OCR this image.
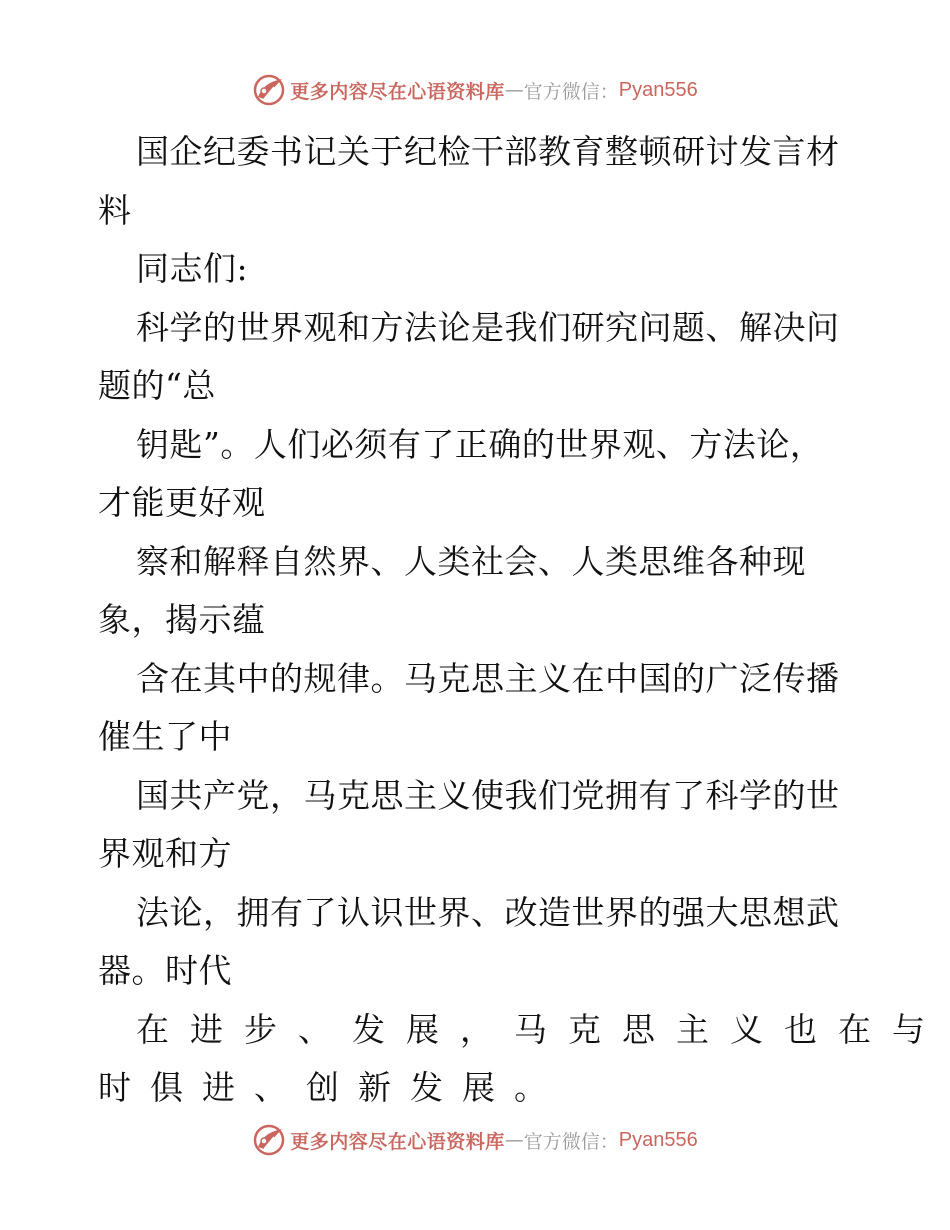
更多内容尽在心语资料库 — 官方微信： Pyan556
国企纪委书记关于纪检干部教育整顿研讨发言材
料
同志们:
科学的世界观和方法论是我们研究问题、解决问
题的“总
钥匙”。人们必须有了正确的世界观、方法论，
才能更好观
察和解释自然界、人类社会、人类思维各种现
象，揭示蕴
含在其中的规律。马克思主义在中国的广泛传播
催生了中
国共产党，马克思主义使我们党拥有了科学的世
界观和方
法论，拥有了认识世界、改造世界的强大思想武
器。时代
在进步、发展，马克思主义也在与
时俱进、创新发展。
更多内容尽在心语资料库 — 官方微信： Pyan556
